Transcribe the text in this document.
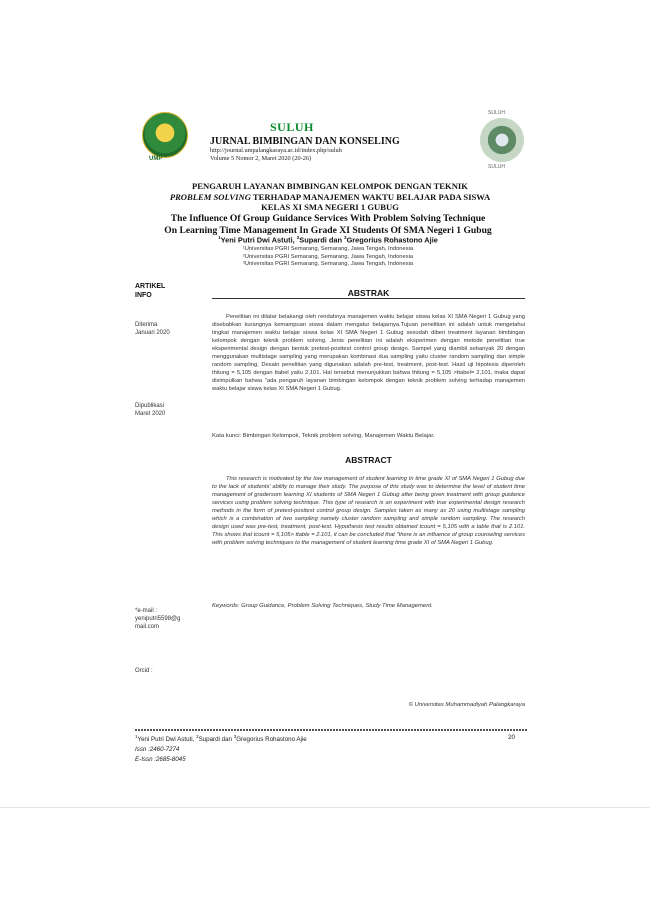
UMP
SULUH
SULUH
SULUH
JURNAL BIMBINGAN DAN KONSELING
http://journal.umpalangkaraya.ac.id/index.php/suluh
Volume 5 Nomor 2, Maret 2020 (20-26)
PENGARUH LAYANAN BIMBINGAN KELOMPOK DENGAN TEKNIK
PROBLEM SOLVING TERHADAP MANAJEMEN WAKTU BELAJAR PADA SISWA
KELAS XI SMA NEGERI 1 GUBUG
The Influence Of Group Guidance Services With Problem Solving Technique
On Learning Time Management In Grade XI Students Of SMA Negeri 1 Gubug
$^1$Yeni Putri Dwi Astuti, $^2$Supardi dan $^3$Gregorius Rohastono Ajie
¹Universitas PGRI Semarang, Semarang, Jawa Tengah, Indonesia
²Universitas PGRI Semarang, Semarang, Jawa Tengah, Indonesia
³Universitas PGRI Semarang, Semarang, Jawa Tengah, Indonesia
ARTIKEL
INFO
Diterima
Januari 2020
Dipublikasi
Maret 2020
*e-mail :
yeniputri5598@g
mail.com
Orcid :
ABSTRAK

Penelitian ini dilatar belakangi oleh rendahnya manajemen waktu belajar siswa kelas XI SMA Negeri 1 Gubug yang disebabkan kurangnya kemampuan siswa dalam mengatur belajarnya.Tujuan penelitian ini adalah untuk mengetahui tingkat manajemen waktu belajar siswa kelas XI SMA Negeri 1 Gubug sesudah diberi treatment layanan bimbingan kelompok dengan teknik problem solving. Jenis penelitian ini adalah eksperimen dengan metode penelitian true eksperimental design dengan bentuk pretest-posttest control group design. Sampel yang diambil sebanyak 20 dengan menggunakan multistage sampling yang merupakan kombinasi dua sampling yaitu cluster random sampling dan simple random sampling. Desain penelitian yang digunakan adalah pre-test, treatment, post-test. Hasil uji hipotesis diperoleh thitung = 5,105 dengan ttabel yaitu 2,101. Hal tersebut menunjukkan bahwa thitung = 5,105 >ttabel= 2,101, maka dapat disimpulkan bahwa "ada pengaruh layanan bimbingan kelompok dengan teknik problem solving terhadap manajemen waktu belajar siswa kelas XI SMA Negeri 1 Gubug.

Kata kunci: Bimbingan Kelompok, Teknik problem solving, Manajemen Waktu Belajar.
ABSTRACT

This research is motivated by the low management of student learning In time grade XI of SMA Negeri 1 Gubug due to the lack of students' ability to manage their study. The purpose of this study was to determine the level of student time management of gradersom learning XI students of SMA Negeri 1 Gubug after being given treatment with group guidance services using problem solving technique. This type of research is an experiment with true experimental design research methods in the form of pretest-posttest control group design. Samples taken as many as 20 using multistage sampling which is a combination of two sampling namely cluster random sampling and simple random sampling. The research design used was pre-test, treatment, post-test. Hypothesis test results obtained tcount = 5,105 with a table that is 2.101. This shows that tcount = 5,105> ttable = 2.101, it can be concluded that "there is an influence of group counseling services with problem solving techniques to the management of student learning time grade XI of SMA Negeri 1 Gubug.

Keywords: Group Guidance, Problem Solving Techniques, Study Time Management.
© Universitas Muhammadiyah Palangkaraya
$^1$Yeni Putri Dwi Astuti, $^2$Supardi dan $^3$Gregorius Rohastono Ajie	20
Issn :2460-7274
E-Issn :2685-8045
